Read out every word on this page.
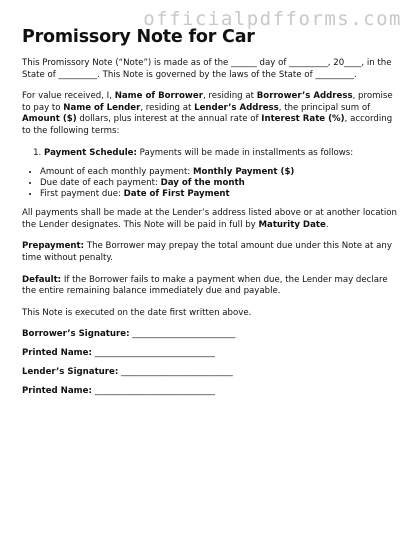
officialpdfforms.com
Promissory Note for Car

This Promissory Note (“Note”) is made as of the ______ day of _________, 20____, in the State of _________. This Note is governed by the laws of the State of _________.

For value received, I, Name of Borrower, residing at Borrower’s Address, promise to pay to Name of Lender, residing at Lender’s Address, the principal sum of Amount ($) dollars, plus interest at the annual rate of Interest Rate (%), according to the following terms:

1. Payment Schedule: Payments will be made in installments as follows:
• Amount of each monthly payment: Monthly Payment ($)
• Due date of each payment: Day of the month
• First payment due: Date of First Payment

All payments shall be made at the Lender’s address listed above or at another location the Lender designates. This Note will be paid in full by Maturity Date.

Prepayment: The Borrower may prepay the total amount due under this Note at any time without penalty.

Default: If the Borrower fails to make a payment when due, the Lender may declare the entire remaining balance immediately due and payable.

This Note is executed on the date first written above.

Borrower’s Signature: ________________________
Printed Name: ____________________________
Lender’s Signature: __________________________
Printed Name: ____________________________
